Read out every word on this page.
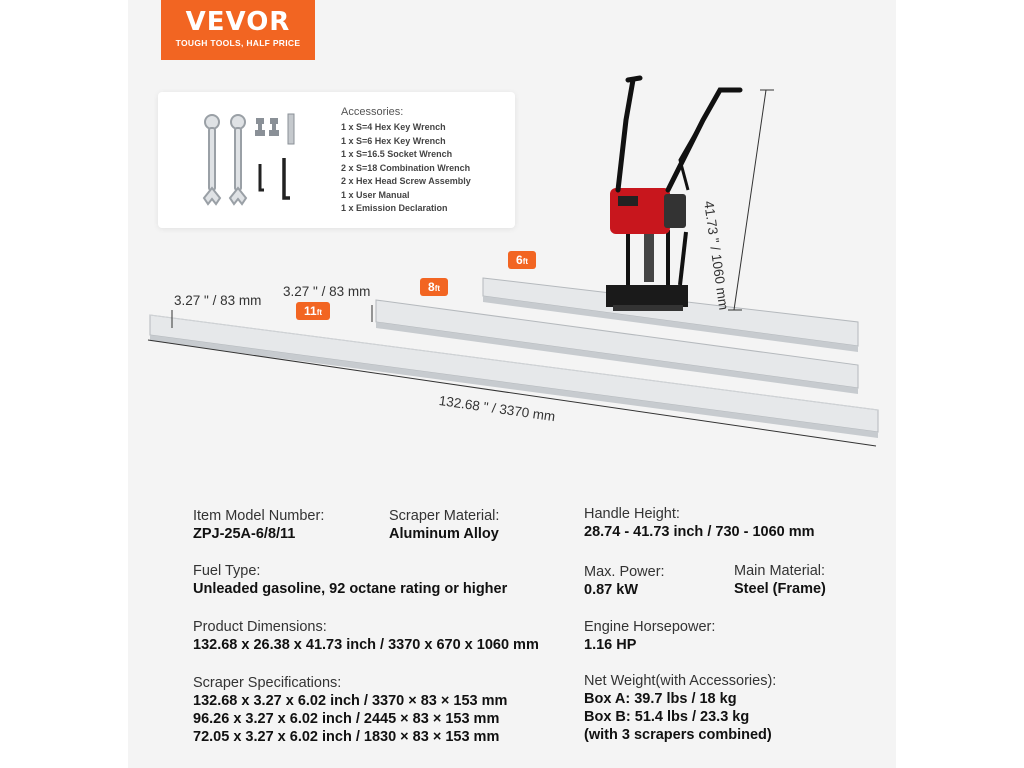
VEVOR
TOUGH TOOLS, HALF PRICE
Accessories:
1 x S=4 Hex Key Wrench
1 x S=6 Hex Key Wrench
1 x S=16.5 Socket Wrench
2 x S=18 Combination Wrench
2 x Hex Head Screw Assembly
1 x User Manual
1 x Emission Declaration	41.73 " / 1060 mm
3.27 " / 83 mm
3.27 " / 83 mm
132.68 " / 3370 mm
6ft
8ft
11ft
Item Model Number:
ZPJ-25A-6/8/11
Scraper Material:
Aluminum Alloy
Handle Height:
28.74 - 41.73 inch / 730 - 1060 mm
Fuel Type:
Unleaded gasoline, 92 octane rating or higher
Max. Power:
0.87 kW
Main Material:
Steel (Frame)
Product Dimensions:
132.68 x 26.38 x 41.73 inch / 3370 x 670 x 1060 mm
Engine Horsepower:
1.16 HP
Scraper Specifications:
132.68 x 3.27 x 6.02 inch / 3370 × 83 × 153 mm
96.26 x 3.27 x 6.02 inch / 2445 × 83 × 153 mm
72.05 x 3.27 x 6.02 inch / 1830 × 83 × 153 mm
Net Weight(with Accessories):
Box A: 39.7 lbs / 18 kg
Box B: 51.4 lbs / 23.3 kg
(with 3 scrapers combined)
